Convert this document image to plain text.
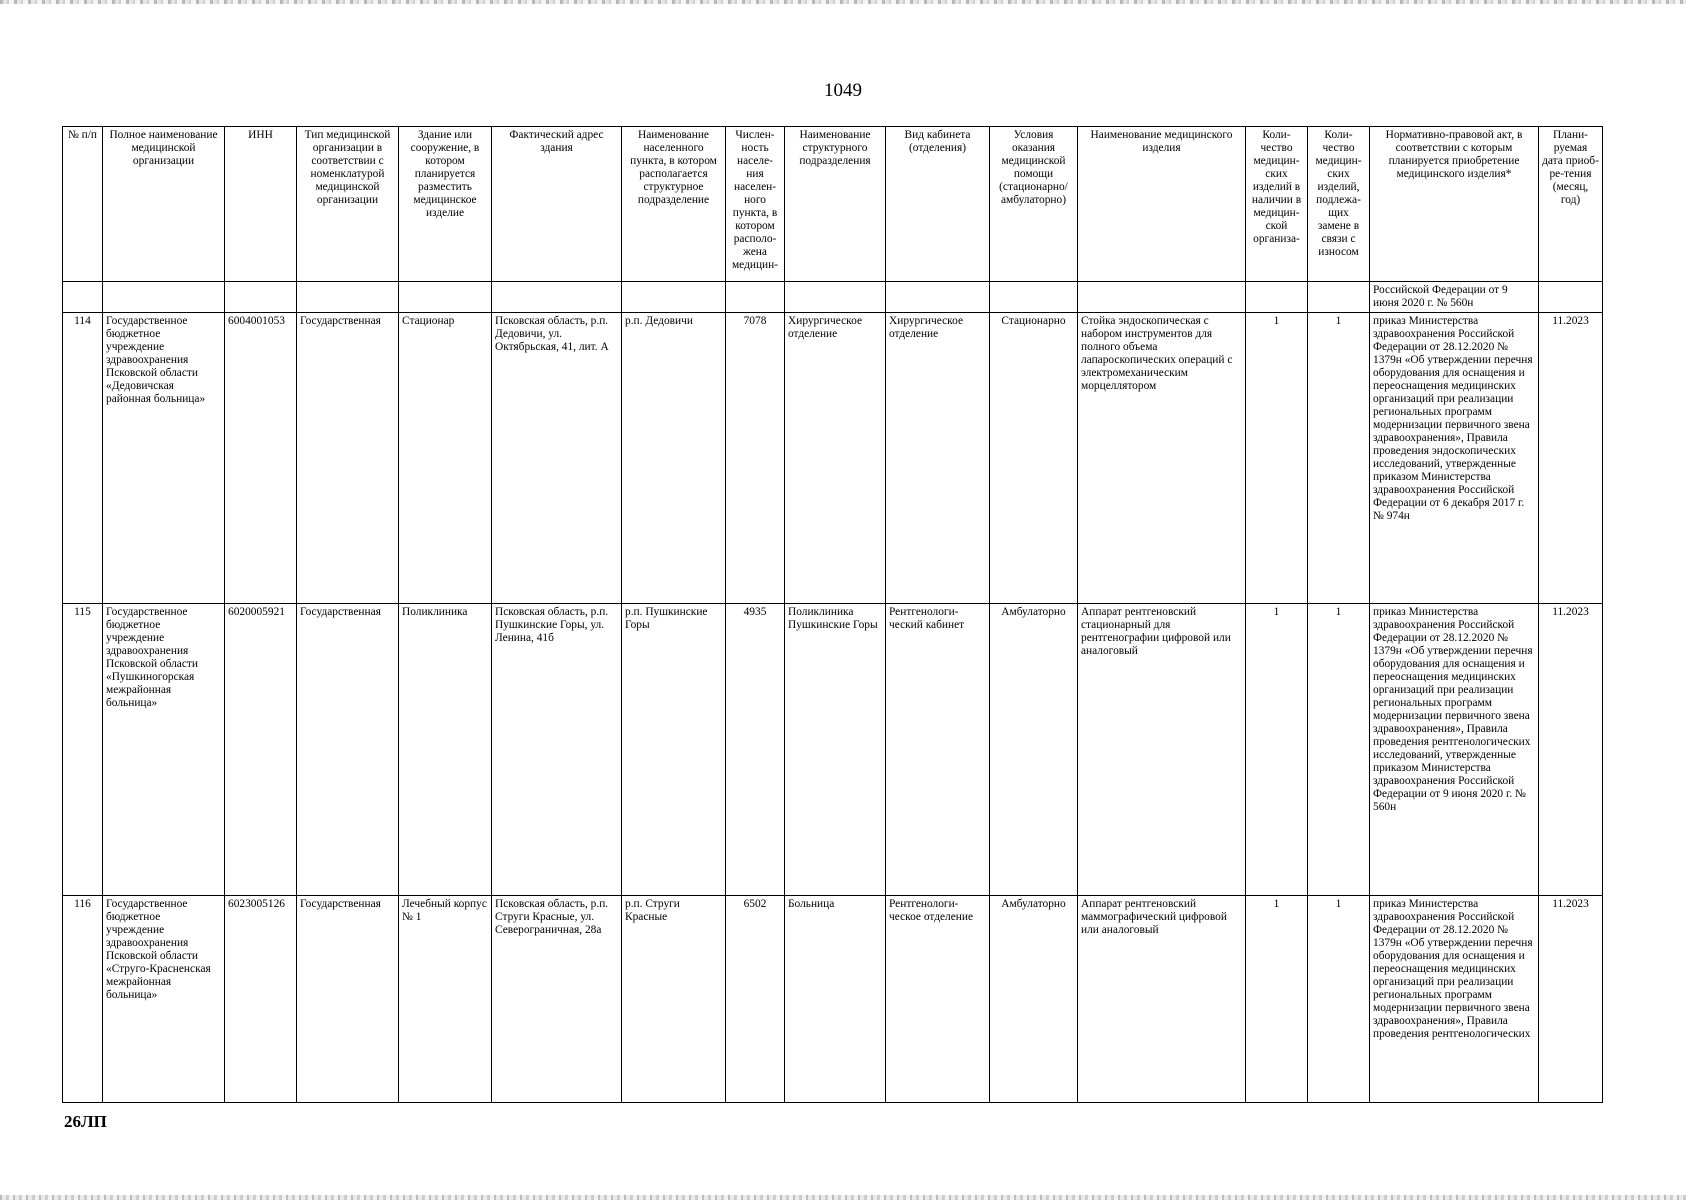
1049
№ п/п	Полное наименование медицинской организации	ИНН	Тип медицинской организации в соответствии с номенклатурой медицинской организации	Здание или сооружение, в котором планируется разместить медицинское изделие	Фактический адрес здания	Наименование населенного пункта, в котором располагается структурное подразделение	Числен-ность населе-ния населен-ного пункта, в котором располо-жена медицин-	Наименование структурного подразделения	Вид кабинета (отделения)	Условия оказания медицинской помощи (стационарно/ амбулаторно)	Наименование медицинского изделия	Коли-чество медицин-ских изделий в наличии в медицин-ской организа-	Коли-чество медицин-ских изделий, подлежа-щих замене в связи с износом	Нормативно-правовой акт, в соответствии с которым планируется приобретение медицинского изделия*	Плани-руемая дата приоб-ре-тения (месяц, год)

														Российской Федерации от 9 июня 2020 г. № 560н	
114	Государственное бюджетное учреждение здравоохранения Псковской области «Дедовичская районная больница»	6004001053	Государственная	Стационар	Псковская область, р.п. Дедовичи, ул. Октябрьская, 41, лит. А	р.п. Дедовичи	7078	Хирургическое отделение	Хирургическое отделение	Стационарно	Стойка эндоскопическая с набором инструментов для полного объема лапароскопических операций с электромеханическим морцеллятором	1	1	приказ Министерства здравоохранения Российской Федерации от 28.12.2020 № 1379н «Об утверждении перечня оборудования для оснащения и переоснащения медицинских организаций при реализации региональных программ модернизации первичного звена здравоохранения», Правила проведения эндоскопических исследований, утвержденные приказом Министерства здравоохранения Российской Федерации от 6 декабря 2017 г. № 974н	11.2023
115	Государственное бюджетное учреждение здравоохранения Псковской области «Пушкиногорская межрайонная больница»	6020005921	Государственная	Поликлиника	Псковская область, р.п. Пушкинские Горы, ул. Ленина, 41б	р.п. Пушкинские Горы	4935	Поликлиника Пушкинские Горы	Рентгенологи-ческий кабинет	Амбулаторно	Аппарат рентгеновский стационарный для рентгенографии цифровой или аналоговый	1	1	приказ Министерства здравоохранения Российской Федерации от 28.12.2020 № 1379н «Об утверждении перечня оборудования для оснащения и переоснащения медицинских организаций при реализации региональных программ модернизации первичного звена здравоохранения», Правила проведения рентгенологических исследований, утвержденные приказом Министерства здравоохранения Российской Федерации от 9 июня 2020 г. № 560н	11.2023
116	Государственное бюджетное учреждение здравоохранения Псковской области «Струго-Красненская межрайонная больница»	6023005126	Государственная	Лечебный корпус № 1	Псковская область, р.п. Струги Красные, ул. Северограничная, 28а	р.п. Струги Красные	6502	Больница	Рентгенологи-ческое отделение	Амбулаторно	Аппарат рентгеновский маммографический цифровой или аналоговый	1	1	приказ Министерства здравоохранения Российской Федерации от 28.12.2020 № 1379н «Об утверждении перечня оборудования для оснащения и переоснащения медицинских организаций при реализации региональных программ модернизации первичного звена здравоохранения», Правила проведения рентгенологических	11.2023
26ЛП
